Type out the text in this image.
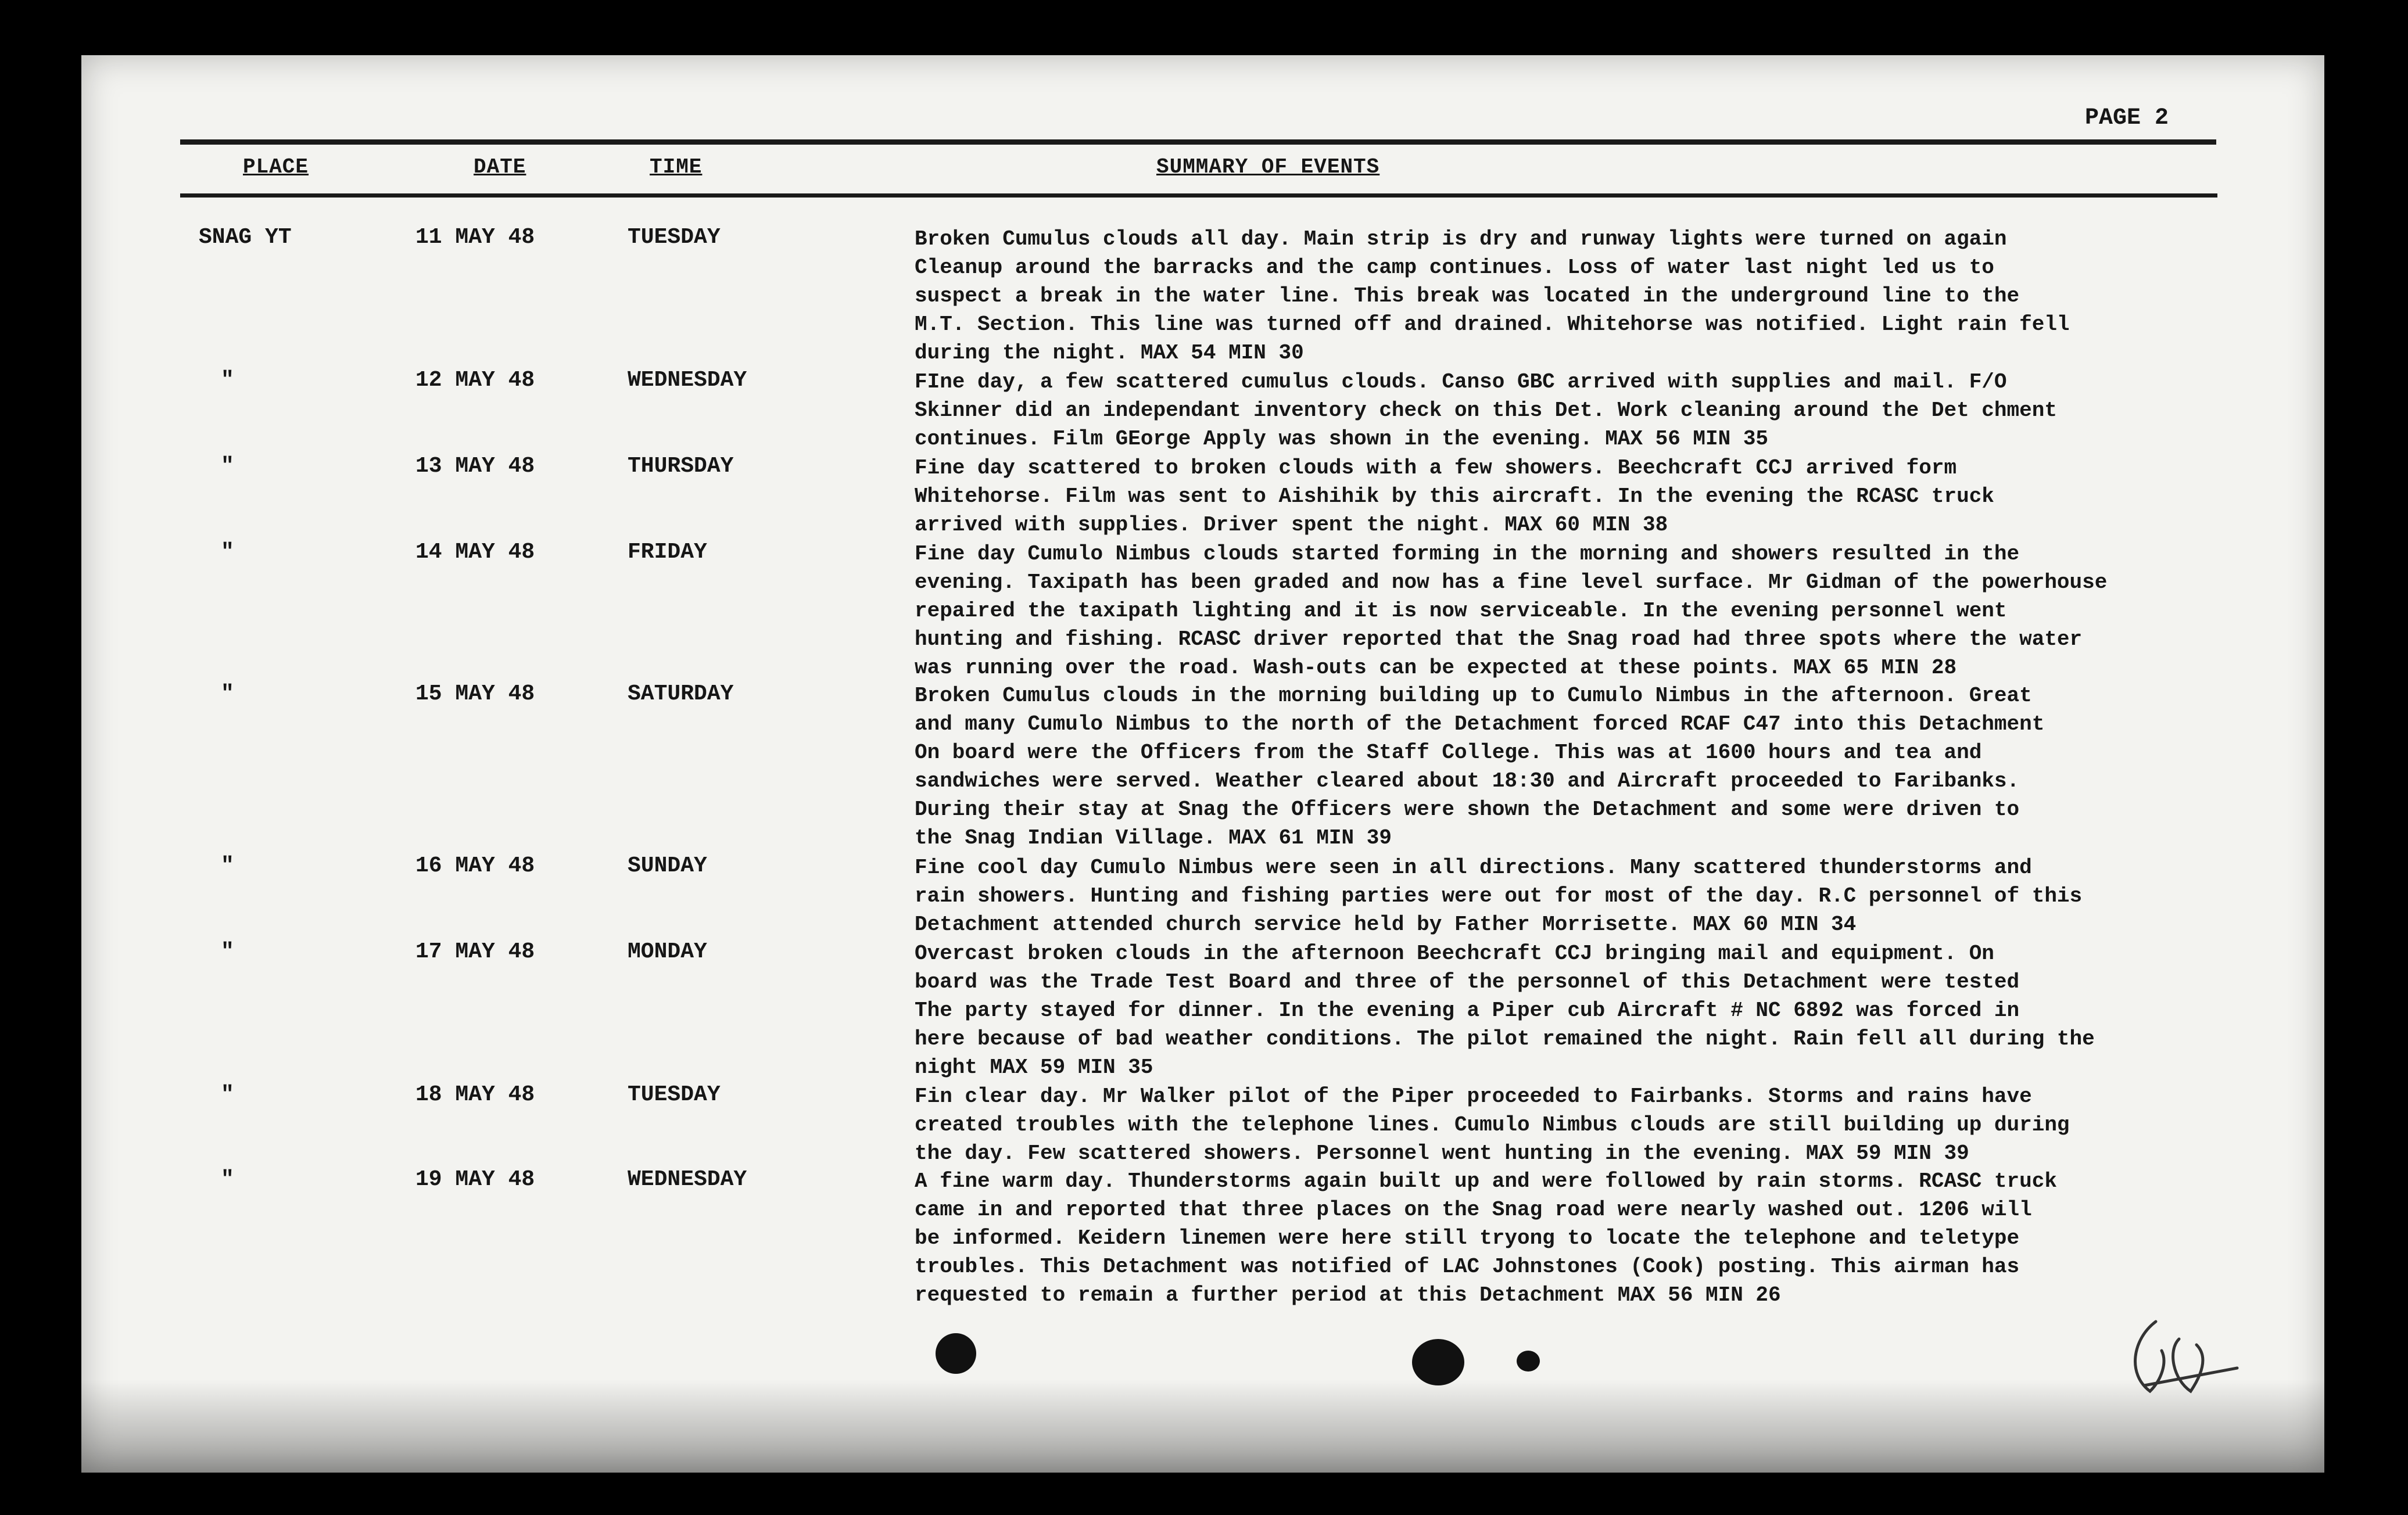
PAGE 2
PLACE	DATE	TIME	SUMMARY OF EVENTS
SNAG YT	11 MAY 48	TUESDAY	Broken Cumulus clouds all day. Main strip is dry and runway lights were turned on again
Cleanup around the barracks and the camp continues. Loss of water last night led us to
suspect a break in the water line. This break was located in the underground line to the
M.T. Section. This line was turned off and drained. Whitehorse was notified. Light rain fell
during the night. MAX 54 MIN 30
"	12 MAY 48	WEDNESDAY	FIne day, a few scattered cumulus clouds. Canso GBC arrived with supplies and mail. F/O
Skinner did an independant inventory check on this Det. Work cleaning around the Det chment
continues. Film GEorge Apply was shown in the evening. MAX 56 MIN 35
"	13 MAY 48	THURSDAY	Fine day scattered to broken clouds with a few showers. Beechcraft CCJ arrived form
Whitehorse. Film was sent to Aishihik by this aircraft. In the evening the RCASC truck
arrived with supplies. Driver spent the night. MAX 60 MIN 38
"	14 MAY 48	FRIDAY	Fine day Cumulo Nimbus clouds started forming in the morning and showers resulted in the
evening. Taxipath has been graded and now has a fine level surface. Mr Gidman of the powerhouse
repaired the taxipath lighting and it is now serviceable. In the evening personnel went
hunting and fishing. RCASC driver reported that the Snag road had three spots where the water
was running over the road. Wash-outs can be expected at these points. MAX 65 MIN 28
"	15 MAY 48	SATURDAY	Broken Cumulus clouds in the morning building up to Cumulo Nimbus in the afternoon. Great
and many Cumulo Nimbus to the north of the Detachment forced RCAF C47 into this Detachment
On board were the Officers from the Staff College. This was at 1600 hours and tea and
sandwiches were served. Weather cleared about 18:30 and Aircraft proceeded to Faribanks.
During their stay at Snag the Officers were shown the Detachment and some were driven to
the Snag Indian Village. MAX 61 MIN 39
"	16 MAY 48	SUNDAY	Fine cool day Cumulo Nimbus were seen in all directions. Many scattered thunderstorms and
rain showers. Hunting and fishing parties were out for most of the day. R.C personnel of this
Detachment attended church service held by Father Morrisette. MAX 60 MIN 34
"	17 MAY 48	MONDAY	Overcast broken clouds in the afternoon Beechcraft CCJ bringing mail and equipment. On
board was the Trade Test Board and three of the personnel of this Detachment were tested
The party stayed for dinner. In the evening a Piper cub Aircraft # NC 6892 was forced in
here because of bad weather conditions. The pilot remained the night. Rain fell all during the
night MAX 59 MIN 35
"	18 MAY 48	TUESDAY	Fin clear day. Mr Walker pilot of the Piper proceeded to Fairbanks. Storms and rains have
created troubles with the telephone lines. Cumulo Nimbus clouds are still building up during
the day. Few scattered showers. Personnel went hunting in the evening. MAX 59 MIN 39
"	19 MAY 48	WEDNESDAY	A fine warm day. Thunderstorms again built up and were followed by rain storms. RCASC truck
came in and reported that three places on the Snag road were nearly washed out. 1206 will
be informed. Keidern linemen were here still tryong to locate the telephone and teletype
troubles. This Detachment was notified of LAC Johnstones (Cook) posting. This airman has
requested to remain a further period at this Detachment MAX 56 MIN 26
